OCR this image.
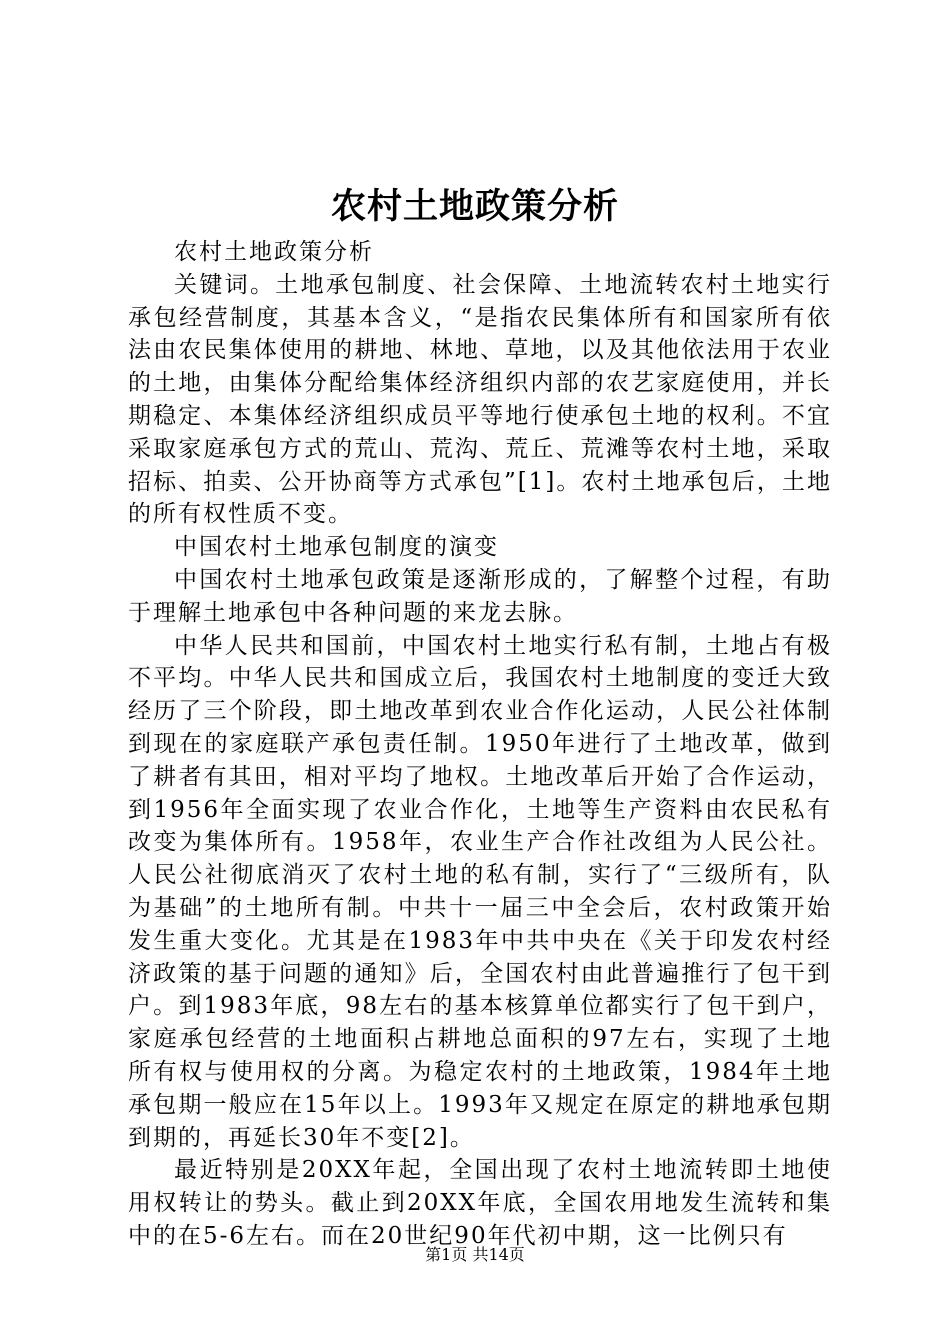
农村土地政策分析

农村土地政策分析

关键词。土地承包制度、社会保障、土地流转农村土地实行承包经营制度，其基本含义，“是指农民集体所有和国家所有依法由农民集体使用的耕地、林地、草地，以及其他依法用于农业的土地，由集体分配给集体经济组织内部的农艺家庭使用，并长期稳定、本集体经济组织成员平等地行使承包土地的权利。不宜采取家庭承包方式的荒山、荒沟、荒丘、荒滩等农村土地，采取招标、拍卖、公开协商等方式承包”[1]。农村土地承包后，土地的所有权性质不变。

中国农村土地承包制度的演变

中国农村土地承包政策是逐渐形成的，了解整个过程，有助于理解土地承包中各种问题的来龙去脉。

中华人民共和国前，中国农村土地实行私有制，土地占有极不平均。中华人民共和国成立后，我国农村土地制度的变迁大致经历了三个阶段，即土地改革到农业合作化运动，人民公社体制到现在的家庭联产承包责任制。1950年进行了土地改革，做到了耕者有其田，相对平均了地权。土地改革后开始了合作运动，到1956年全面实现了农业合作化，土地等生产资料由农民私有改变为集体所有。1958年，农业生产合作社改组为人民公社。人民公社彻底消灭了农村土地的私有制，实行了“三级所有，队为基础”的土地所有制。中共十一届三中全会后，农村政策开始发生重大变化。尤其是在1983年中共中央在《关于印发农村经济政策的基于问题的通知》后，全国农村由此普遍推行了包干到户。到1983年底，98左右的基本核算单位都实行了包干到户，家庭承包经营的土地面积占耕地总面积的97左右，实现了土地所有权与使用权的分离。为稳定农村的土地政策，1984年土地承包期一般应在15年以上。1993年又规定在原定的耕地承包期到期的，再延长30年不变[2]。

最近特别是20XX年起，全国出现了农村土地流转即土地使用权转让的势头。截止到20XX年底，全国农用地发生流转和集中的在5-6左右。而在20世纪90年代初中期，这一比例只有

第1页 共14页
